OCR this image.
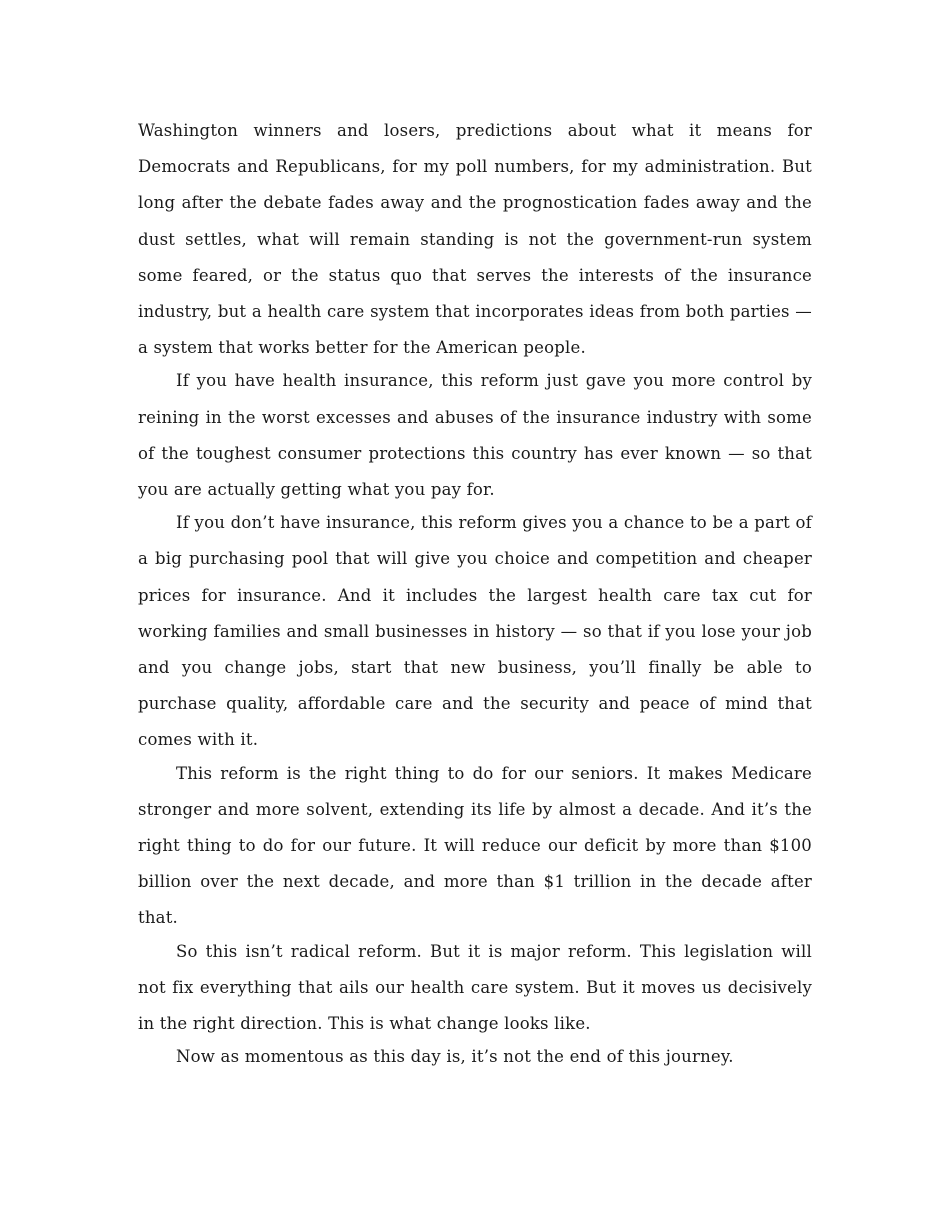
Washington winners and losers, predictions about what it means for Democrats and Republicans, for my poll numbers, for my administration. But long after the debate fades away and the prognostication fades away and the dust settles, what will remain standing is not the government-run system some feared, or the status quo that serves the interests of the insurance industry, but a health care system that incorporates ideas from both parties — a system that works better for the American people.

If you have health insurance, this reform just gave you more control by reining in the worst excesses and abuses of the insurance industry with some of the toughest consumer protections this country has ever known — so that you are actually getting what you pay for.

If you don’t have insurance, this reform gives you a chance to be a part of a big purchasing pool that will give you choice and competition and cheaper prices for insurance. And it includes the largest health care tax cut for working families and small businesses in history — so that if you lose your job and you change jobs, start that new business, you’ll finally be able to purchase quality, affordable care and the security and peace of mind that comes with it.

This reform is the right thing to do for our seniors. It makes Medicare stronger and more solvent, extending its life by almost a decade. And it’s the right thing to do for our future. It will reduce our deficit by more than $100 billion over the next decade, and more than $1 trillion in the decade after that.

So this isn’t radical reform. But it is major reform. This legislation will not fix everything that ails our health care system. But it moves us decisively in the right direction. This is what change looks like.

Now as momentous as this day is, it’s not the end of this journey.
